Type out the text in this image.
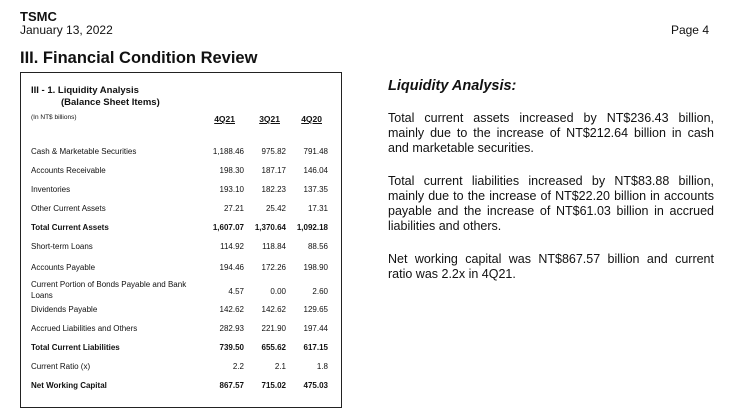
TSMC
January 13, 2022	Page 4
III. Financial Condition Review
III - 1. Liquidity Analysis
(Balance Sheet Items)
(In NT$ billions)	4Q21	3Q21	4Q20
Cash & Marketable Securities	1,188.46	975.82	791.48
Accounts Receivable	198.30	187.17	146.04
Inventories	193.10	182.23	137.35
Other Current Assets	27.21	25.42	17.31
Total Current Assets	1,607.07	1,370.64	1,092.18
Short-term Loans	114.92	118.84	88.56
Accounts Payable	194.46	172.26	198.90
Current Portion of Bonds Payable and Bank Loans	4.57	0.00	2.60
Dividends Payable	142.62	142.62	129.65
Accrued Liabilities and Others	282.93	221.90	197.44
Total Current Liabilities	739.50	655.62	617.15
Current Ratio (x)	2.2	2.1	1.8
Net Working Capital	867.57	715.02	475.03
Liquidity Analysis:
Total current assets increased by NT$236.43 billion, mainly due to the increase of NT$212.64 billion in cash and marketable securities.
Total current liabilities increased by NT$83.88 billion, mainly due to the increase of NT$22.20 billion in accounts payable and the increase of NT$61.03 billion in accrued liabilities and others.
Net working capital was NT$867.57 billion and current ratio was 2.2x in 4Q21.
